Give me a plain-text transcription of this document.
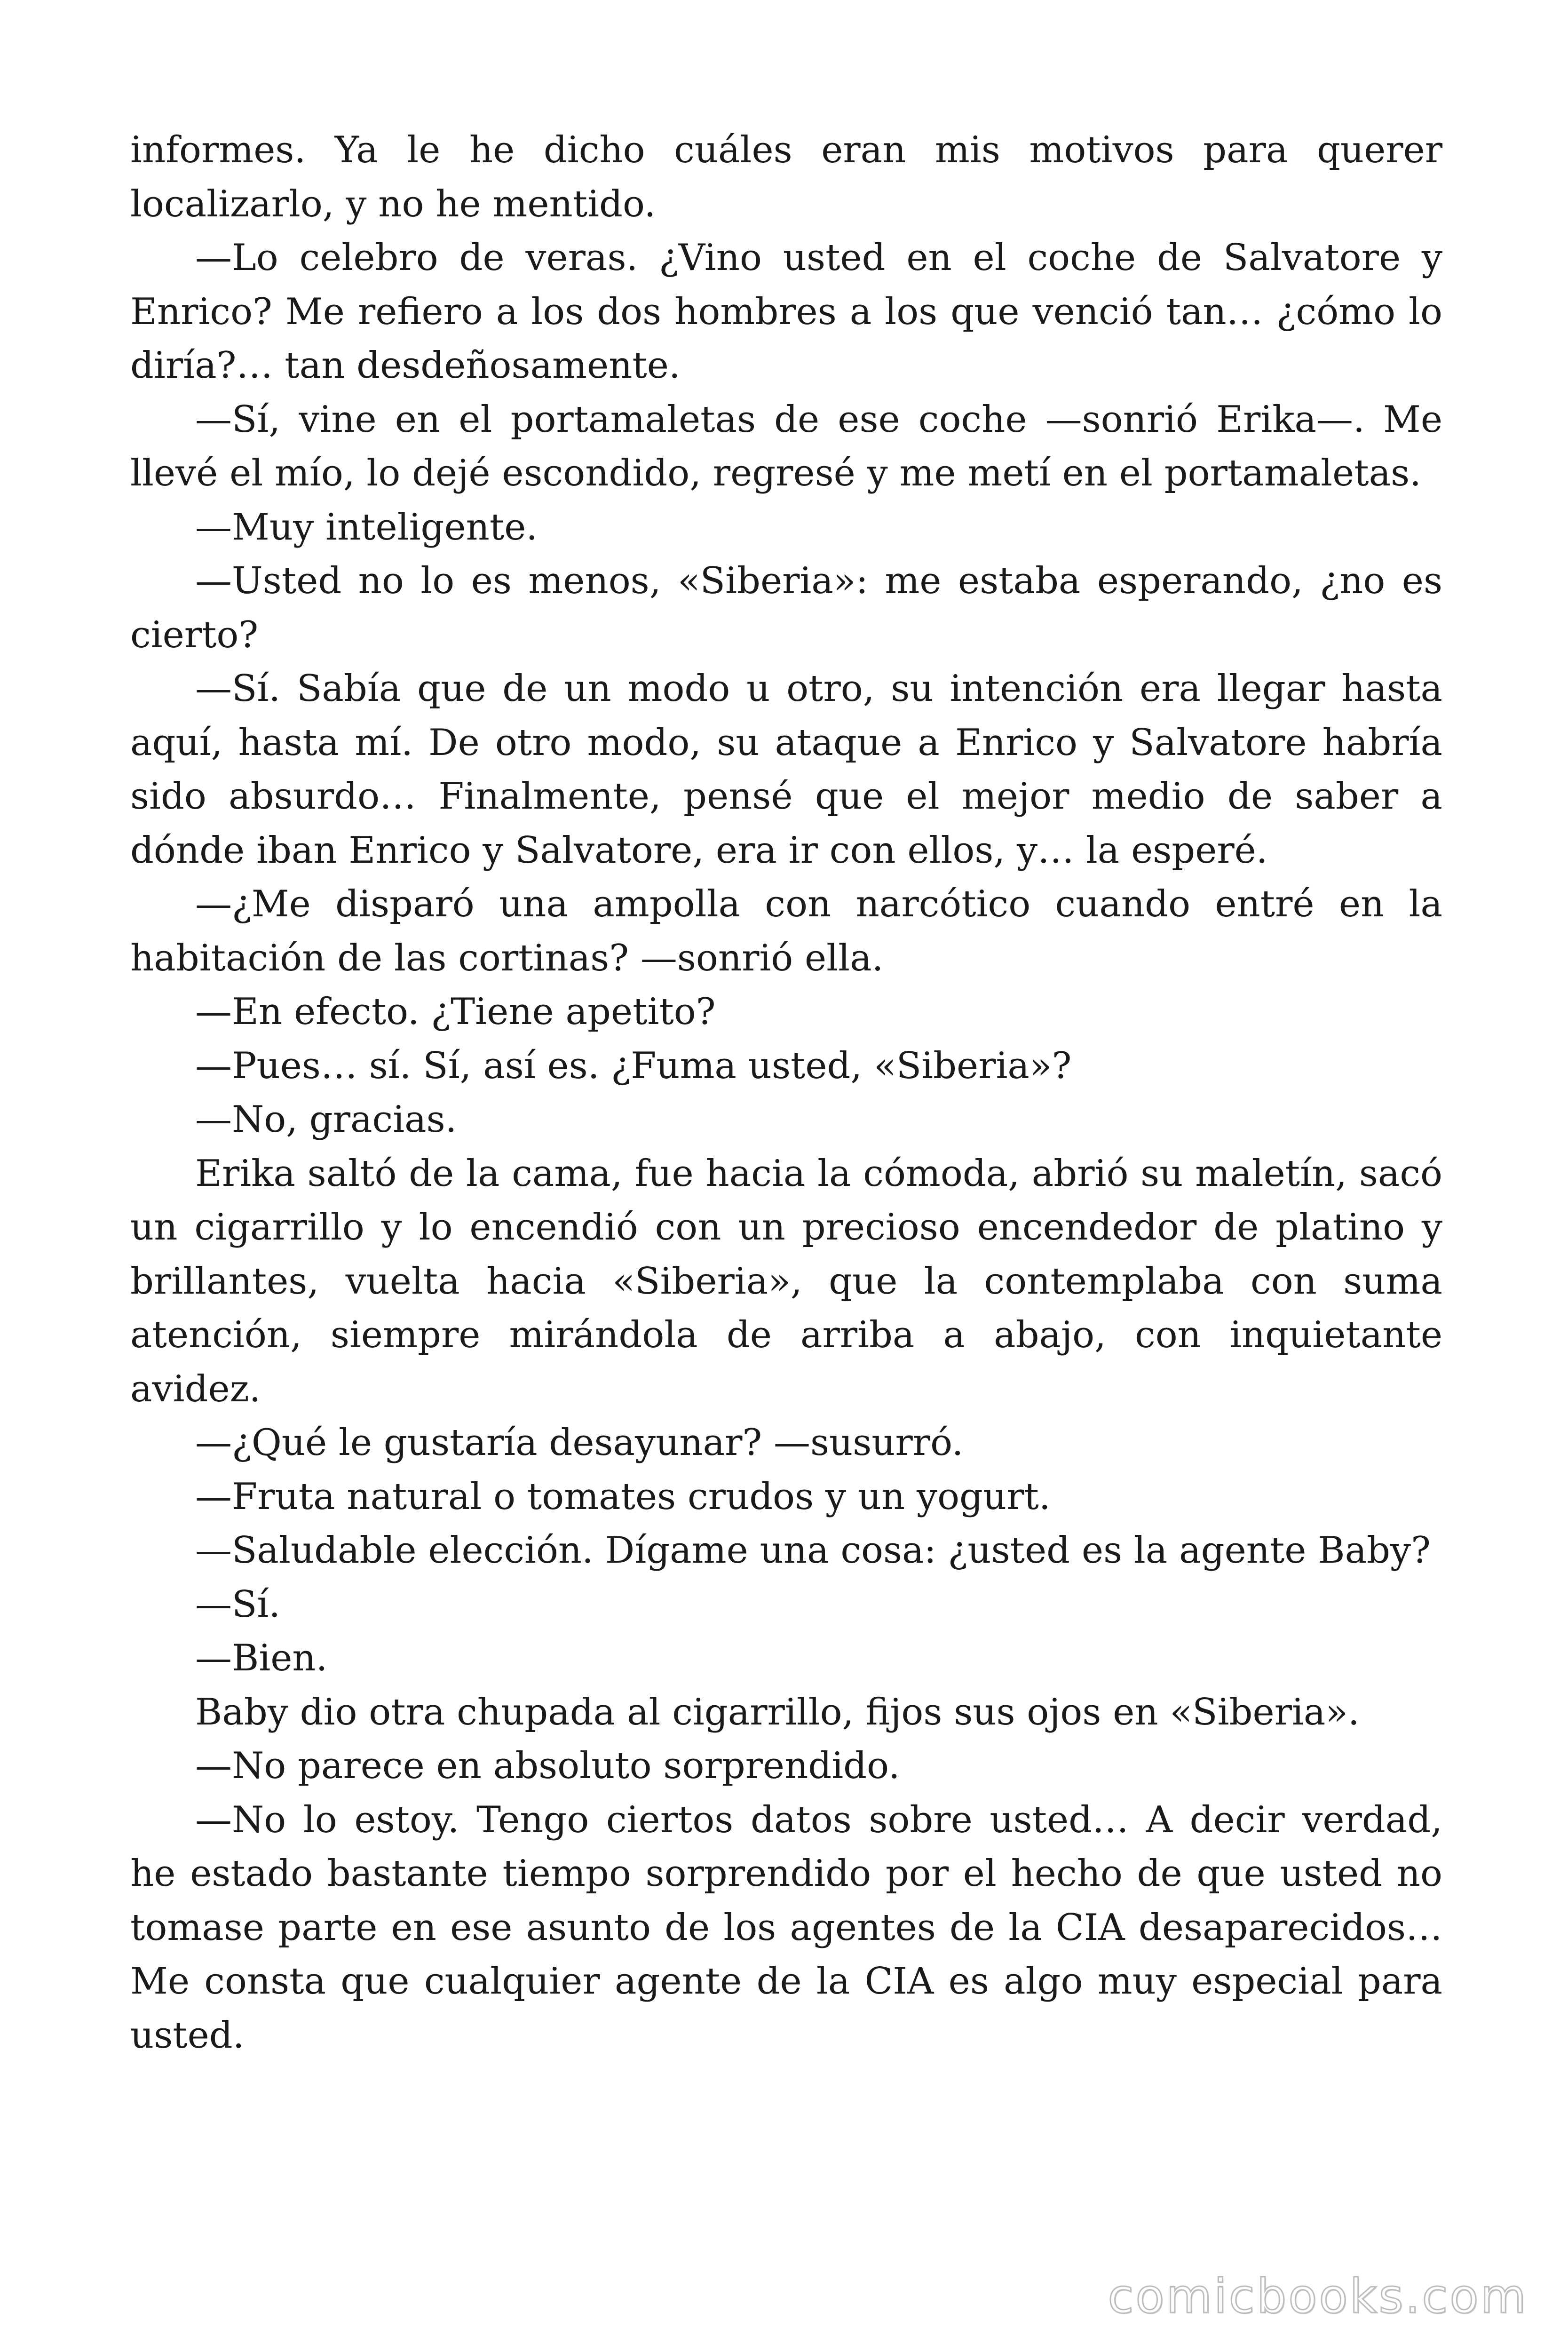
informes. Ya le he dicho cuáles eran mis motivos para querer localizarlo, y no he mentido.

—Lo celebro de veras. ¿Vino usted en el coche de Salvatore y Enrico? Me refiero a los dos hombres a los que venció tan… ¿cómo lo diría?… tan desdeñosamente.

—Sí, vine en el portamaletas de ese coche —sonrió Erika—. Me llevé el mío, lo dejé escondido, regresé y me metí en el portamaletas.

—Muy inteligente.

—Usted no lo es menos, «Siberia»: me estaba esperando, ¿no es cierto?

—Sí. Sabía que de un modo u otro, su intención era llegar hasta aquí, hasta mí. De otro modo, su ataque a Enrico y Salvatore habría sido absurdo… Finalmente, pensé que el mejor medio de saber a dónde iban Enrico y Salvatore, era ir con ellos, y… la esperé.

—¿Me disparó una ampolla con narcótico cuando entré en la habitación de las cortinas? —sonrió ella.

—En efecto. ¿Tiene apetito?

—Pues… sí. Sí, así es. ¿Fuma usted, «Siberia»?

—No, gracias.

Erika saltó de la cama, fue hacia la cómoda, abrió su maletín, sacó un cigarrillo y lo encendió con un precioso encendedor de platino y brillantes, vuelta hacia «Siberia», que la contemplaba con suma atención, siempre mirándola de arriba a abajo, con inquietante avidez.

—¿Qué le gustaría desayunar? —susurró.

—Fruta natural o tomates crudos y un yogurt.

—Saludable elección. Dígame una cosa: ¿usted es la agente Baby?

—Sí.

—Bien.

Baby dio otra chupada al cigarrillo, fijos sus ojos en «Siberia».

—No parece en absoluto sorprendido.

—No lo estoy. Tengo ciertos datos sobre usted… A decir verdad, he estado bastante tiempo sorprendido por el hecho de que usted no tomase parte en ese asunto de los agentes de la CIA desaparecidos… Me consta que cualquier agente de la CIA es algo muy especial para usted.

comicbooks.com
